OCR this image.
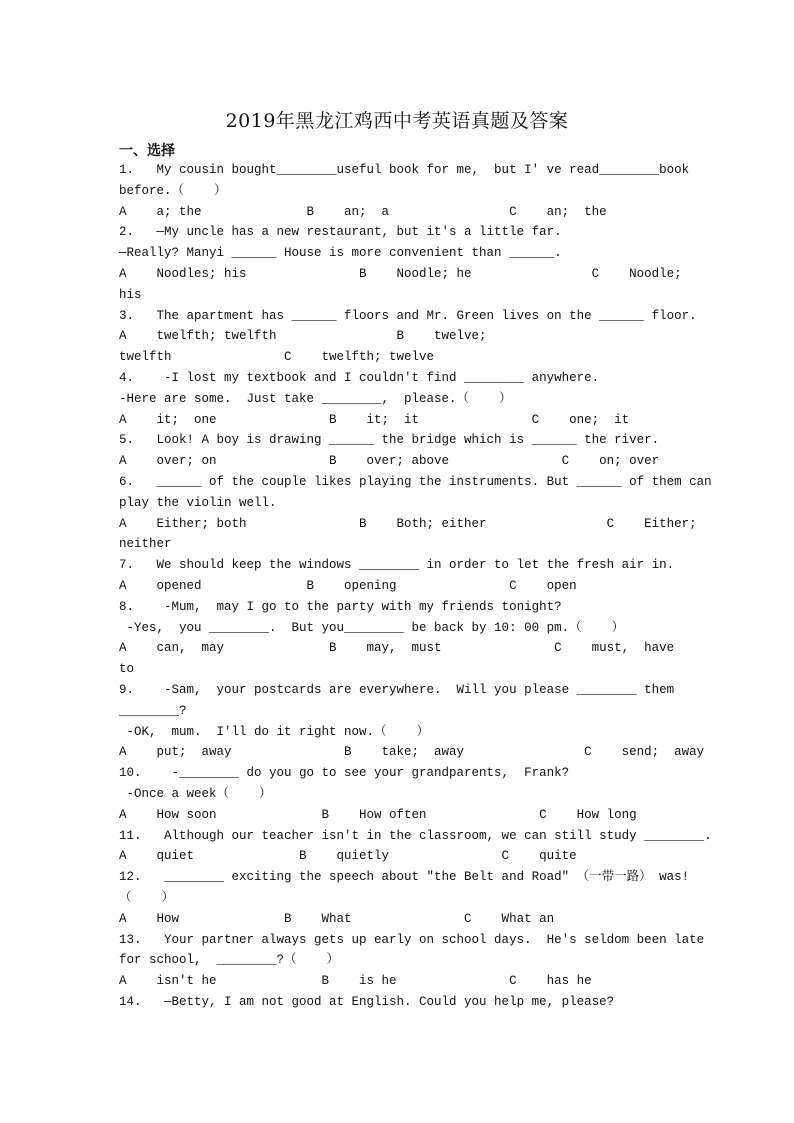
2019年黑龙江鸡西中考英语真题及答案
一、选择
1.   My cousin bought________useful book for me,  but I' ve read________book
before.（    ）
A    a; the              B    an;  a                C    an;  the
2.   —My uncle has a new restaurant, but it's a little far.
—Really? Manyi ______ House is more convenient than ______.
A    Noodles; his               B    Noodle; he                C    Noodle;
his
3.   The apartment has ______ floors and Mr. Green lives on the ______ floor.
A    twelfth; twelfth                B    twelve;
twelfth               C    twelfth; twelve
4.    -I lost my textbook and I couldn't find ________ anywhere.
-Here are some.  Just take ________,  please.（    ）
A    it;  one               B    it;  it               C    one;  it
5.   Look! A boy is drawing ______ the bridge which is ______ the river.
A    over; on               B    over; above               C    on; over
6.   ______ of the couple likes playing the instruments. But ______ of them can
play the violin well.
A    Either; both               B    Both; either                C    Either;
neither
7.   We should keep the windows ________ in order to let the fresh air in.
A    opened              B    opening               C    open
8.    -Mum,  may I go to the party with my friends tonight?
-Yes,  you ________.  But you________ be back by 10: 00 pm.（    ）
A    can,  may              B    may,  must               C    must,  have
to
9.    -Sam,  your postcards are everywhere.  Will you please ________ them
________?
-OK,  mum.  I'll do it right now.（    ）
A    put;  away               B    take;  away                C    send;  away
10.    -________ do you go to see your grandparents,  Frank?
-Once a week（    ）
A    How soon              B    How often               C    How long
11.   Although our teacher isn't in the classroom, we can still study ________.
A    quiet              B    quietly               C    quite
12.   ________ exciting the speech about "the Belt and Road" （一带一路） was!
（    ）
A    How              B    What               C    What an
13.   Your partner always gets up early on school days.  He's seldom been late
for school,  ________?（    ）
A    isn't he              B    is he               C    has he
14.   —Betty, I am not good at English. Could you help me, please?
